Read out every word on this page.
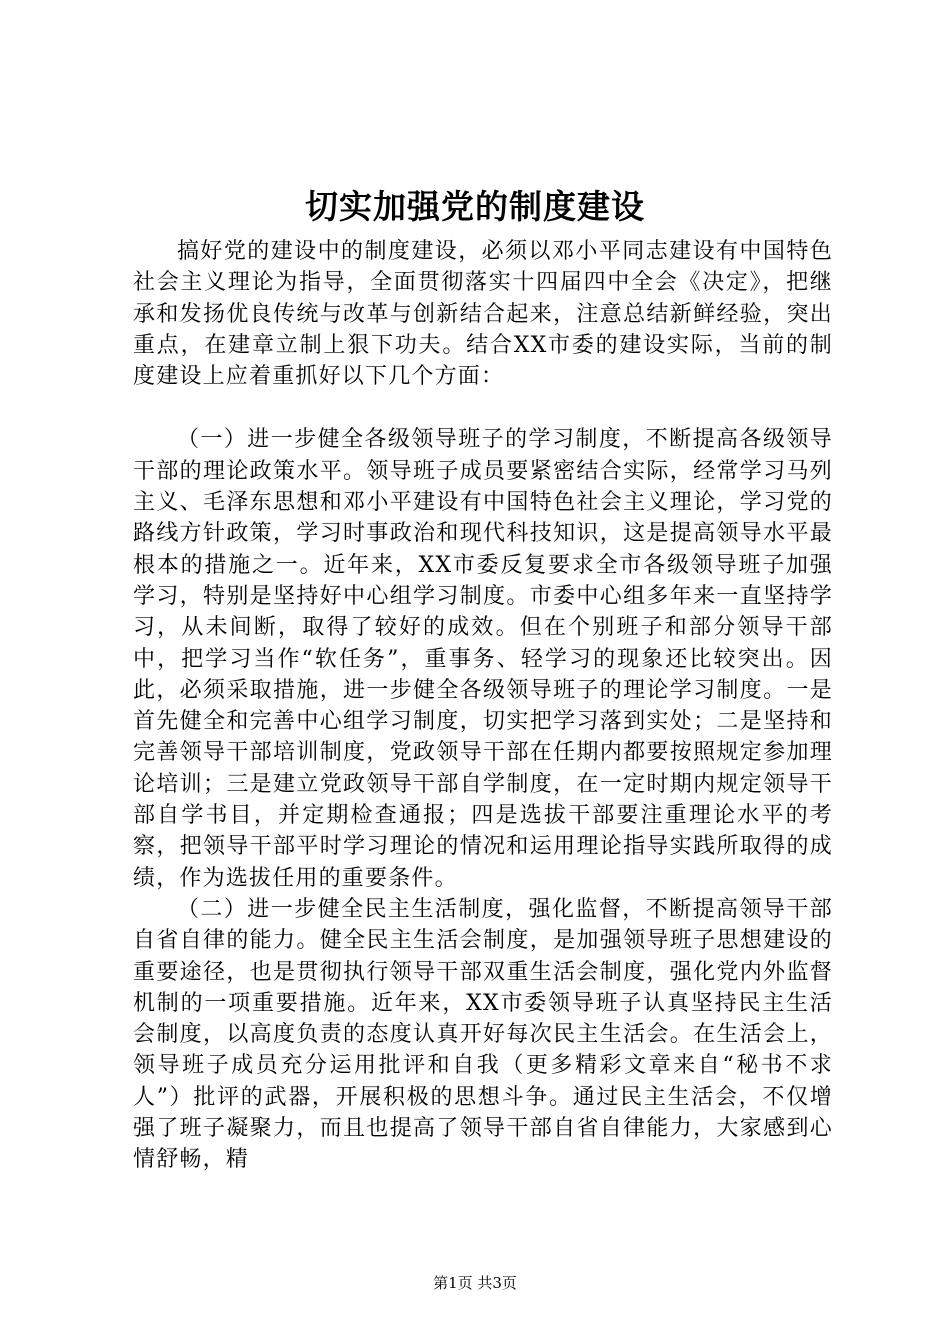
切实加强党的制度建设

搞好党的建设中的制度建设，必须以邓小平同志建设有中国特色社会主义理论为指导，全面贯彻落实十四届四中全会《决定》，把继承和发扬优良传统与改革与创新结合起来，注意总结新鲜经验，突出重点，在建章立制上狠下功夫。结合XX市委的建设实际，当前的制度建设上应着重抓好以下几个方面：

（一）进一步健全各级领导班子的学习制度，不断提高各级领导干部的理论政策水平。领导班子成员要紧密结合实际，经常学习马列主义、毛泽东思想和邓小平建设有中国特色社会主义理论，学习党的路线方针政策，学习时事政治和现代科技知识，这是提高领导水平最根本的措施之一。近年来，XX市委反复要求全市各级领导班子加强学习，特别是坚持好中心组学习制度。市委中心组多年来一直坚持学习，从未间断，取得了较好的成效。但在个别班子和部分领导干部中，把学习当作“软任务”，重事务、轻学习的现象还比较突出。因此，必须采取措施，进一步健全各级领导班子的理论学习制度。一是首先健全和完善中心组学习制度，切实把学习落到实处；二是坚持和完善领导干部培训制度，党政领导干部在任期内都要按照规定参加理论培训；三是建立党政领导干部自学制度，在一定时期内规定领导干部自学书目，并定期检查通报；四是选拔干部要注重理论水平的考察，把领导干部平时学习理论的情况和运用理论指导实践所取得的成绩，作为选拔任用的重要条件。

（二）进一步健全民主生活制度，强化监督，不断提高领导干部自省自律的能力。健全民主生活会制度，是加强领导班子思想建设的重要途径，也是贯彻执行领导干部双重生活会制度，强化党内外监督机制的一项重要措施。近年来，XX市委领导班子认真坚持民主生活会制度，以高度负责的态度认真开好每次民主生活会。在生活会上，领导班子成员充分运用批评和自我（更多精彩文章来自“秘书不求人”）批评的武器，开展积极的思想斗争。通过民主生活会，不仅增强了班子凝聚力，而且也提高了领导干部自省自律能力，大家感到心情舒畅，精

第1页 共3页
